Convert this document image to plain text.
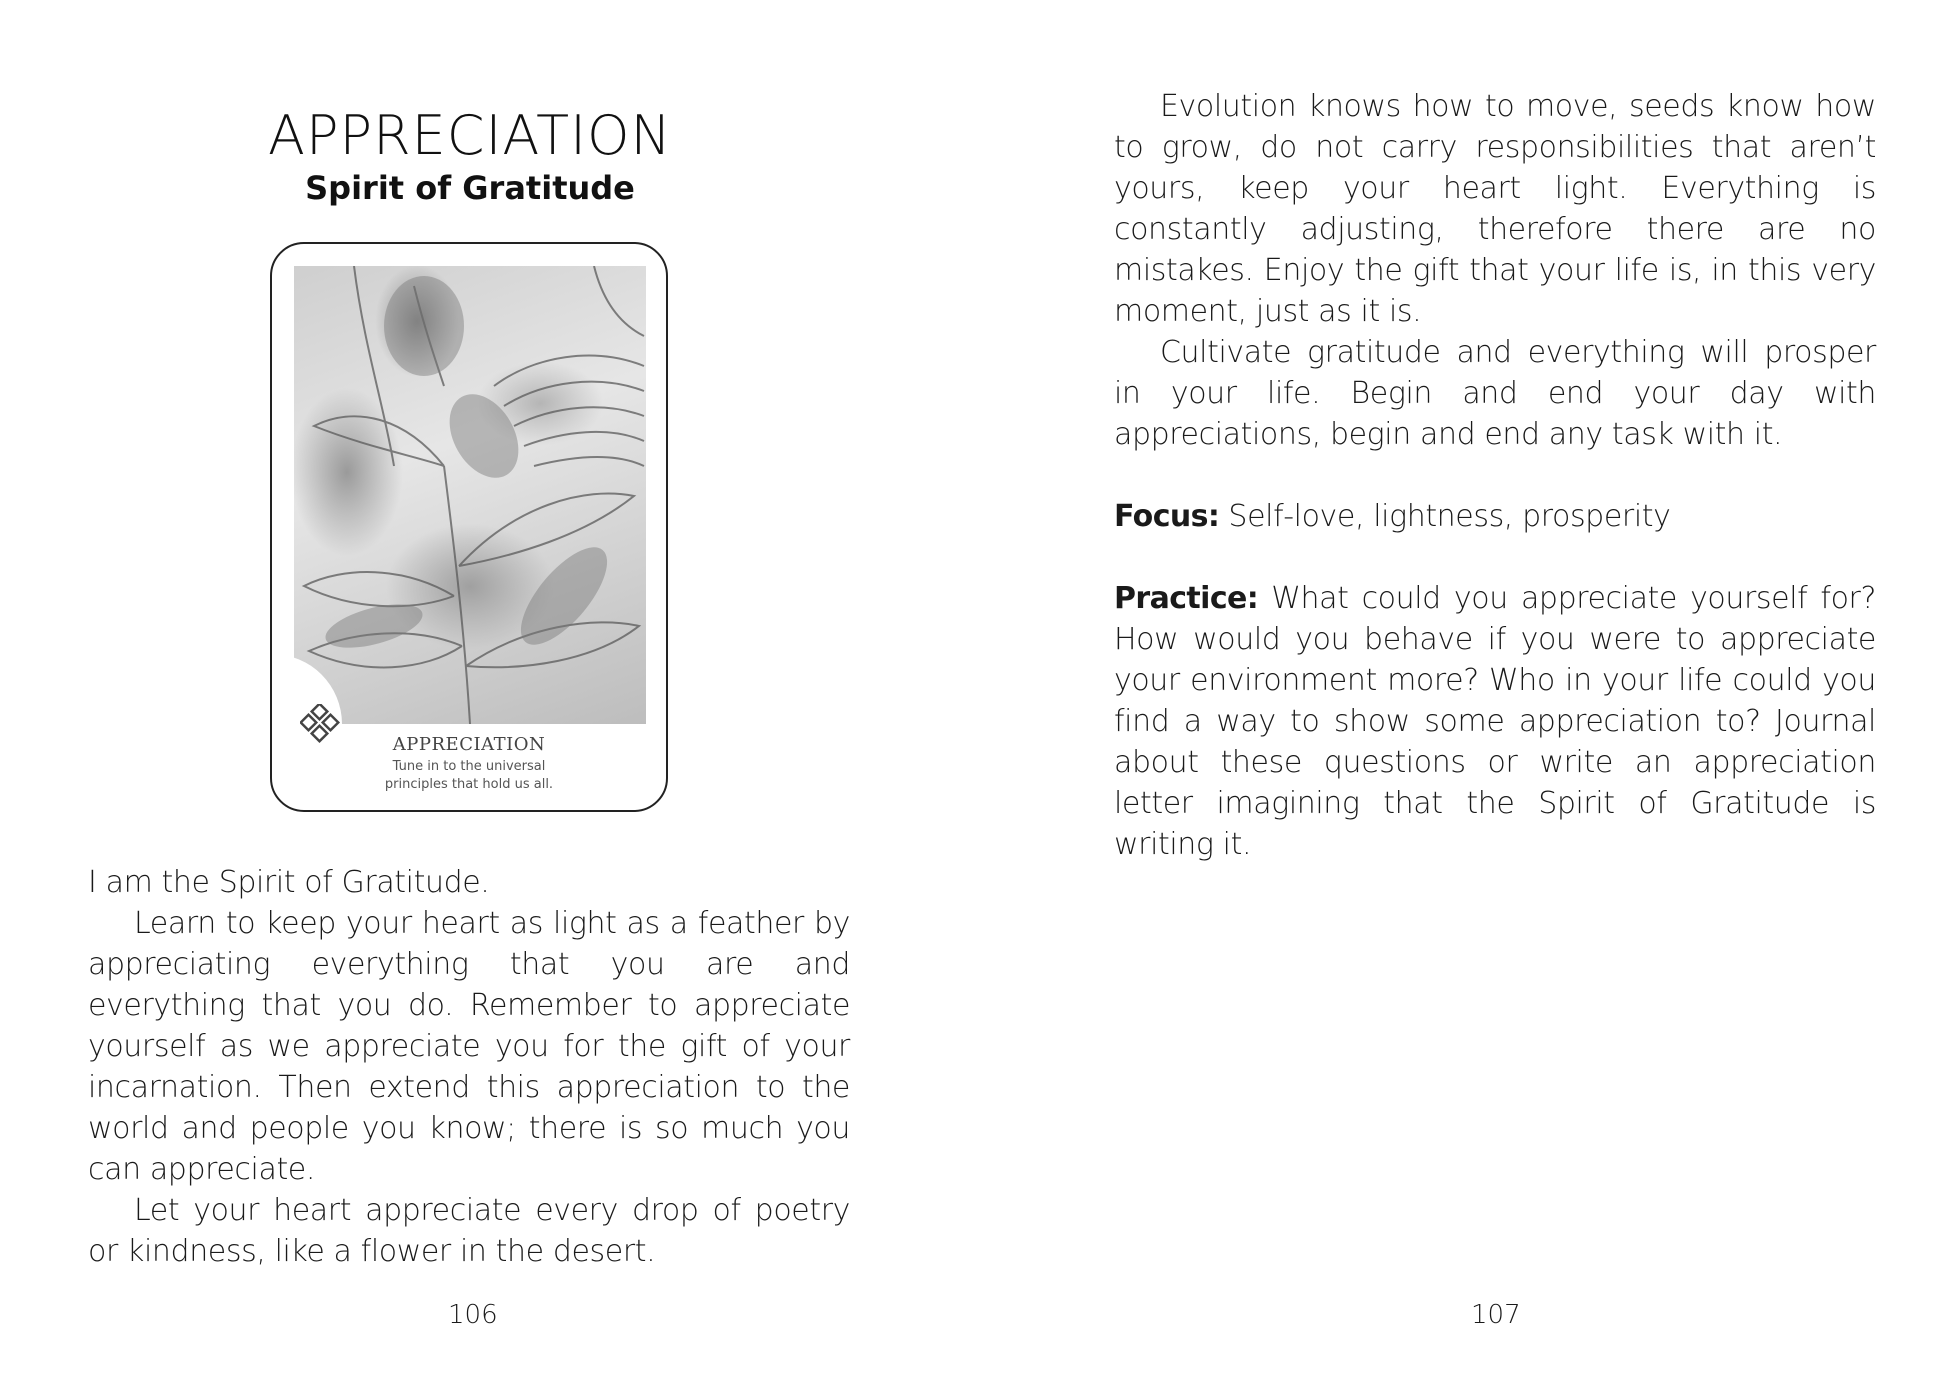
APPRECIATION
Spirit of Gratitude
APPRECIATION
Tune in to the universal
principles that hold us all.

I am the Spirit of Gratitude.

Learn to keep your heart as light as a feather by appreciating everything that you are and everything that you do. Remember to appreciate yourself as we appreciate you for the gift of your incarnation. Then extend this appreciation to the world and people you know; there is so much you can appreciate.

Let your heart appreciate every drop of poetry or kindness, like a flower in the desert.

106	107

Evolution knows how to move, seeds know how to grow, do not carry responsibilities that aren’t yours, keep your heart light. Everything is constantly adjusting, therefore there are no mistakes. Enjoy the gift that your life is, in this very moment, just as it is.

Cultivate gratitude and everything will prosper in your life. Begin and end your day with appreciations, begin and end any task with it.

Focus: Self-love, lightness, prosperity

Practice: What could you appreciate yourself for? How would you behave if you were to appreciate your environment more? Who in your life could you find a way to show some appreciation to? Journal about these questions or write an appreciation letter imagining that the Spirit of Gratitude is writing it.
